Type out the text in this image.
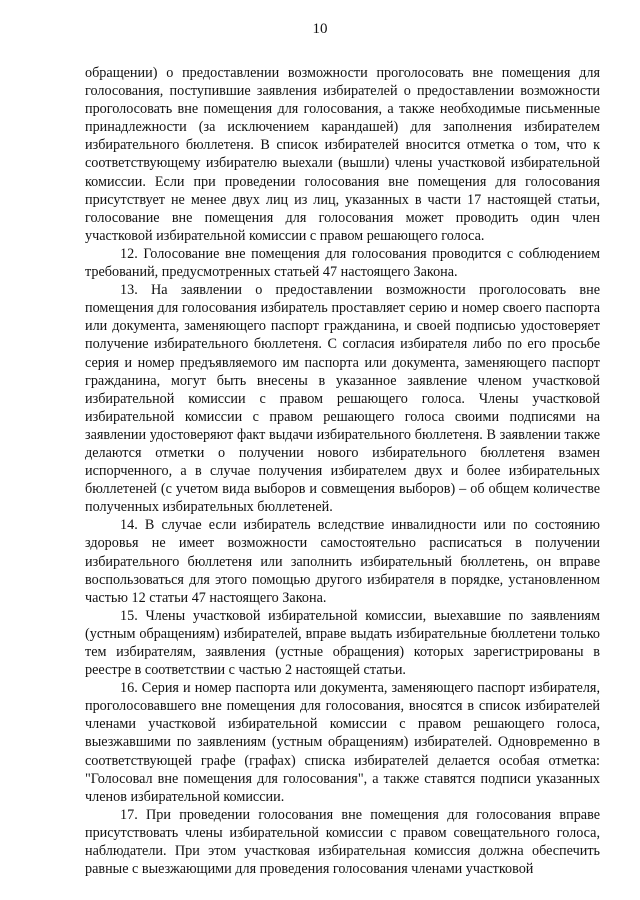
10

обращении) о предоставлении возможности проголосовать вне помещения для голосования, поступившие заявления избирателей о предоставлении возможности проголосовать вне помещения для голосования, а также необходимые письменные принадлежности (за исключением карандашей) для заполнения избирателем избирательного бюллетеня. В список избирателей вносится отметка о том, что к соответствующему избирателю выехали (вышли) члены участковой избирательной комиссии. Если при проведении голосования вне помещения для голосования присутствует не менее двух лиц из лиц, указанных в части 17 настоящей статьи, голосование вне помещения для голосования может проводить один член участковой избирательной комиссии с правом решающего голоса.

12. Голосование вне помещения для голосования проводится с соблюдением требований, предусмотренных статьей 47 настоящего Закона.

13. На заявлении о предоставлении возможности проголосовать вне помещения для голосования избиратель проставляет серию и номер своего паспорта или документа, заменяющего паспорт гражданина, и своей подписью удостоверяет получение избирательного бюллетеня. С согласия избирателя либо по его просьбе серия и номер предъявляемого им паспорта или документа, заменяющего паспорт гражданина, могут быть внесены в указанное заявление членом участковой избирательной комиссии с правом решающего голоса. Члены участковой избирательной комиссии с правом решающего голоса своими подписями на заявлении удостоверяют факт выдачи избирательного бюллетеня. В заявлении также делаются отметки о получении нового избирательного бюллетеня взамен испорченного, а в случае получения избирателем двух и более избирательных бюллетеней (с учетом вида выборов и совмещения выборов) – об общем количестве полученных избирательных бюллетеней.

14. В случае если избиратель вследствие инвалидности или по состоянию здоровья не имеет возможности самостоятельно расписаться в получении избирательного бюллетеня или заполнить избирательный бюллетень, он вправе воспользоваться для этого помощью другого избирателя в порядке, установленном частью 12 статьи 47 настоящего Закона.

15. Члены участковой избирательной комиссии, выехавшие по заявлениям (устным обращениям) избирателей, вправе выдать избирательные бюллетени только тем избирателям, заявления (устные обращения) которых зарегистрированы в реестре в соответствии с частью 2 настоящей статьи.

16. Серия и номер паспорта или документа, заменяющего паспорт избирателя, проголосовавшего вне помещения для голосования, вносятся в список избирателей членами участковой избирательной комиссии с правом решающего голоса, выезжавшими по заявлениям (устным обращениям) избирателей. Одновременно в соответствующей графе (графах) списка избирателей делается особая отметка: "Голосовал вне помещения для голосования", а также ставятся подписи указанных членов избирательной комиссии.

17. При проведении голосования вне помещения для голосования вправе присутствовать члены избирательной комиссии с правом совещательного голоса, наблюдатели. При этом участковая избирательная комиссия должна обеспечить равные с выезжающими для проведения голосования членами участковой
